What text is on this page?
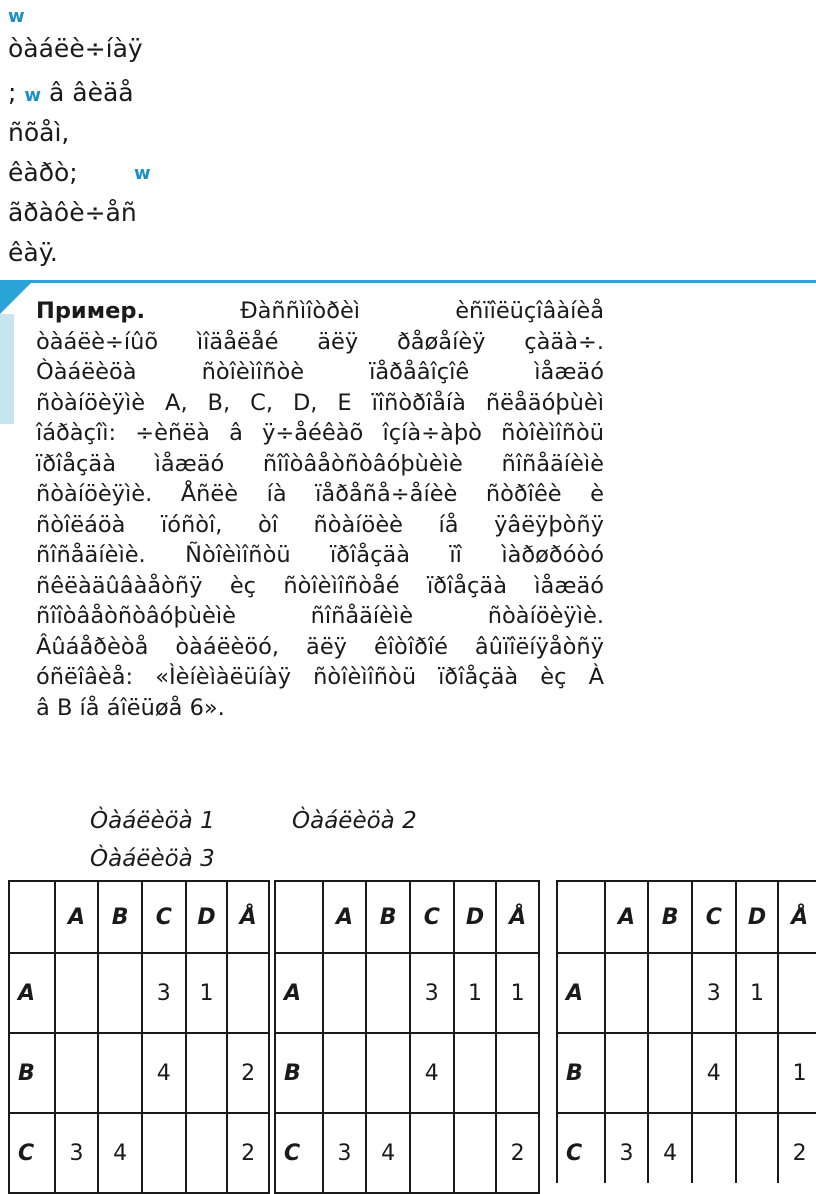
w
òàáëè÷íàÿ
; w â âèäå
ñõåì,
êàðò;	w
ãðàôè÷åñ
êàÿ.
Пример.	Ðàññìîòðèì èñïîëüçîâàíèå
òàáëè÷íûõ ìîäåëåé äëÿ ðåøåíèÿ çàäà÷.
Òàáëèöà ñòîèìîñòè ïåðåâîçîê ìåæäó
ñòàíöèÿìè A, B, C, D, E ïîñòðîåíà ñëåäóþùèì
îáðàçîì: ÷èñëà â ÿ÷åéêàõ îçíà÷àþò ñòîèìîñòü
ïðîåçäà ìåæäó ñîîòâåòñòâóþùèìè ñîñåäíèìè
ñòàíöèÿìè. Åñëè íà ïåðåñå÷åíèè ñòðîêè è
ñòîëáöà ïóñòî, òî ñòàíöèè íå ÿâëÿþòñÿ
ñîñåäíèìè. Ñòîèìîñòü ïðîåçäà ïî ìàðøðóòó
ñêëàäûâàåòñÿ èç ñòîèìîñòåé ïðîåçäà ìåæäó
ñîîòâåòñòâóþùèìè ñîñåäíèìè ñòàíöèÿìè.
Âûáåðèòå òàáëèöó, äëÿ êîòîðîé âûïîëíÿåòñÿ
óñëîâèå: «Ìèíèìàëüíàÿ ñòîèìîñòü ïðîåçäà èç À
â B íå áîëüøå 6».
Òàáëèöà 1	Òàáëèöà 2
Òàáëèöà 3
	A	B	C	D	Å
A			3	1	
B			4		2
C	3	4			2
	A	B	C	D	Å
A			3	1	1
B			4		
C	3	4			2
	A	B	C	D	Å
A			3	1	
B			4		1
C	3	4			2
